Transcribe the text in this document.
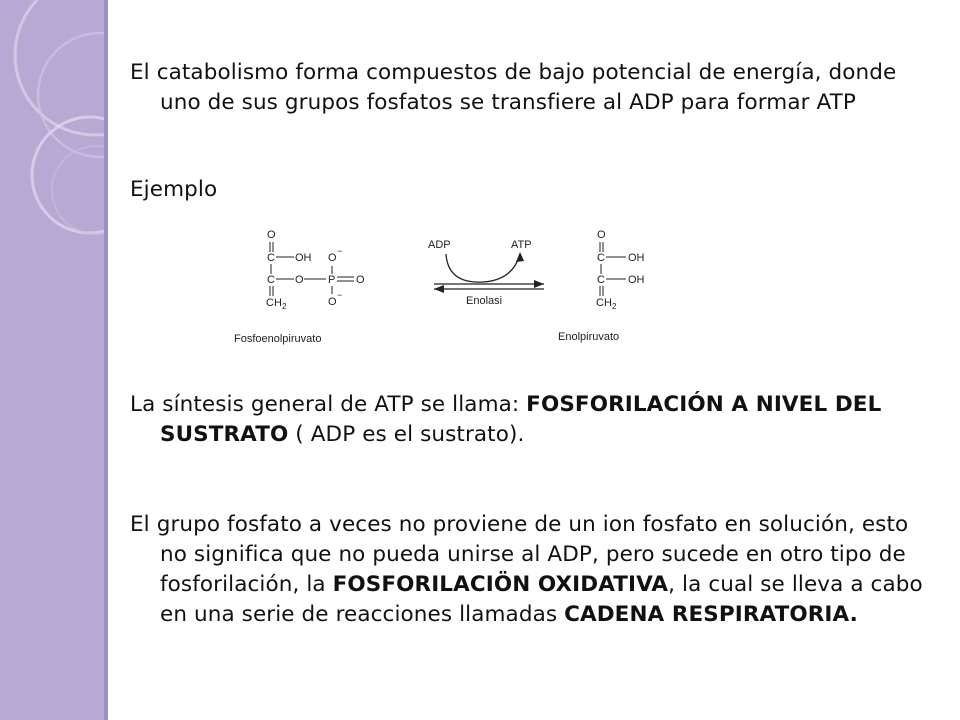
El catabolismo forma compuestos de bajo potencial de energía, donde uno de sus grupos fosfatos se transfiere al ADP para formar ATP

Ejemplo

O
C OH
C O P O
O
−
O
−
CH 2
Fosfoenolpiruvato
ADP	ATP
Enolasi
O
C OH
C OH
CH 2
Enolpiruvato

La síntesis general de ATP se llama: FOSFORILACIÓN A NIVEL DEL SUSTRATO ( ADP es el sustrato).

El grupo fosfato a veces no proviene de un ion fosfato en solución, esto no significa que no pueda unirse al ADP, pero sucede en otro tipo de fosforilación, la FOSFORILACIÖN OXIDATIVA, la cual se lleva a cabo en una serie de reacciones llamadas CADENA RESPIRATORIA.
